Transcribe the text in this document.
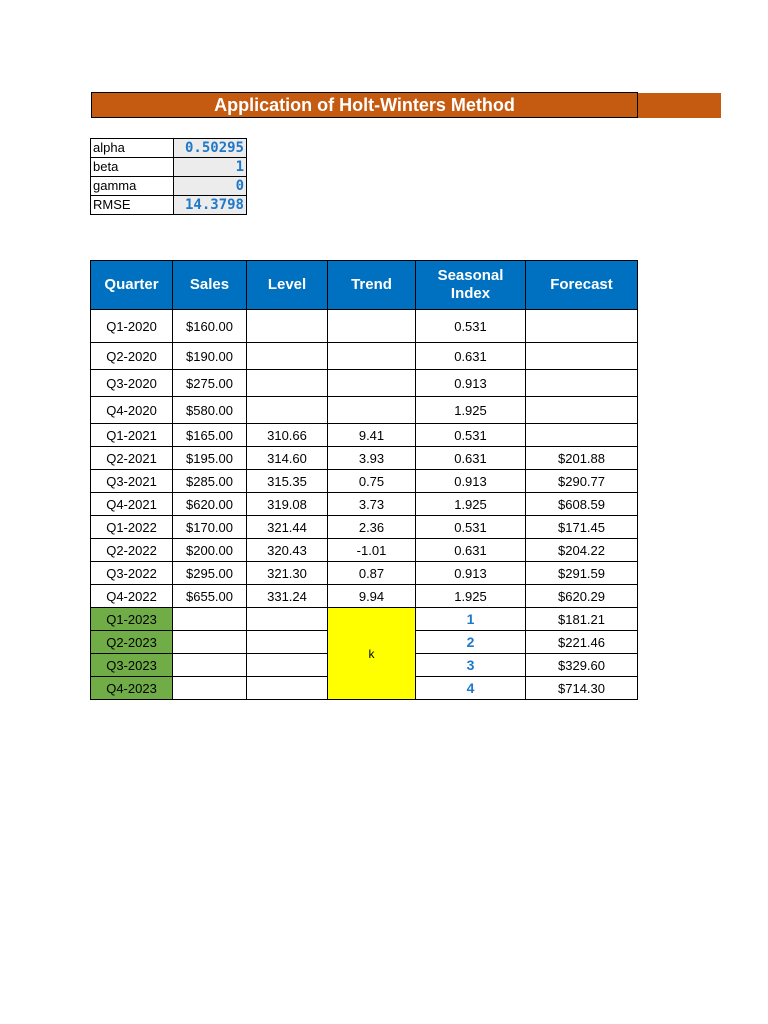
Application of Holt-Winters Method
alpha	0.50295
beta	1
gamma	0
RMSE	14.3798
Quarter	Sales	Level	Trend	Seasonal Index	Forecast
Q1-2020	$160.00			0.531	
Q2-2020	$190.00			0.631	
Q3-2020	$275.00			0.913	
Q4-2020	$580.00			1.925	
Q1-2021	$165.00	310.66	9.41	0.531	
Q2-2021	$195.00	314.60	3.93	0.631	$201.88
Q3-2021	$285.00	315.35	0.75	0.913	$290.77
Q4-2021	$620.00	319.08	3.73	1.925	$608.59
Q1-2022	$170.00	321.44	2.36	0.531	$171.45
Q2-2022	$200.00	320.43	-1.01	0.631	$204.22
Q3-2022	$295.00	321.30	0.87	0.913	$291.59
Q4-2022	$655.00	331.24	9.94	1.925	$620.29
Q1-2023			k	1	$181.21
Q2-2023				2	$221.46
Q3-2023				3	$329.60
Q4-2023				4	$714.30
